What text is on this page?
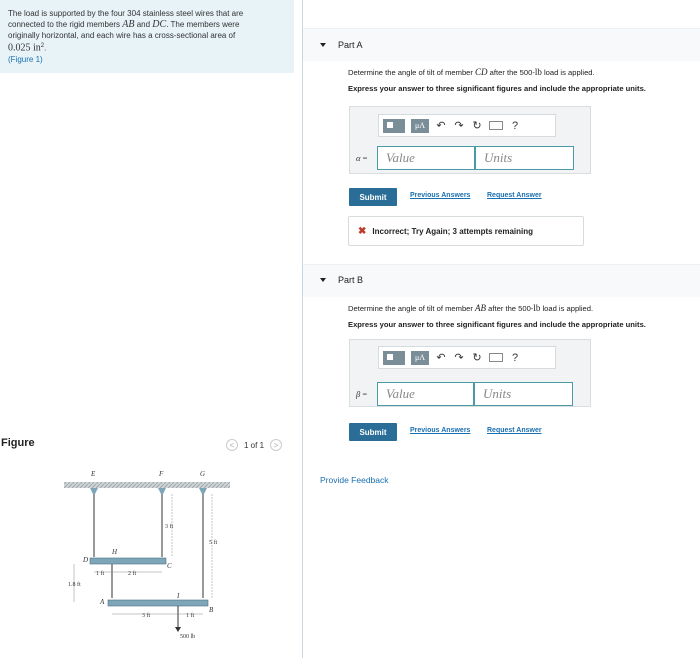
The load is supported by the four 304 stainless steel wires that are
connected to the rigid members AB and DC. The members were
originally horizontal, and each wire has a cross-sectional area of
0.025 $in^2$.
(Figure 1)
Figure	<	1 of 1	>
E	F	G
H
D
C
A
I
B
3 ft
5 ft
1 ft	2 ft
1.8 ft
3 ft	1 ft
500 lb
Part A
Determine the angle of tilt of member CD after the 500-lb load is applied.
Express your answer to three significant figures and include the appropriate units.
μA	↶ ↷ ↻	?
α =	Value	Units
Submit	Previous Answers Request Answer
✖ Incorrect; Try Again; 3 attempts remaining
Part B
Determine the angle of tilt of member AB after the 500-lb load is applied.
Express your answer to three significant figures and include the appropriate units.
μA	↶ ↷ ↻	?
β =	Value	Units
Submit	Previous Answers Request Answer
Provide Feedback
